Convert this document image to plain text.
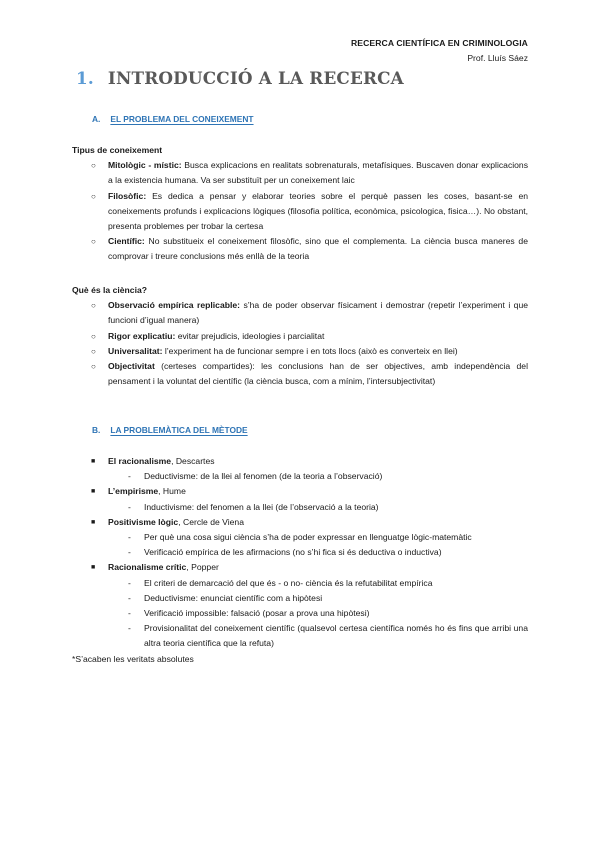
RECERCA CIENTÍFICA EN CRIMINOLOGIA
Prof. Lluís Sáez
1. INTRODUCCIÓ A LA RECERCA
A. EL PROBLEMA DEL CONEIXEMENT
Tipus de coneixement
○ Mitològic - místic: Busca explicacions en realitats sobrenaturals, metafísiques. Buscaven donar explicacions a la existencia humana. Va ser substituït per un coneixement laic
○ Filosòfic: Es dedica a pensar y elaborar teories sobre el perquè passen les coses, basant-se en coneixements profunds i explicacions lògiques (filosofia política, econòmica, psicologica, fisica…). No obstant, presenta problemes per trobar la certesa
○ Científic: No substitueix el coneixement filosòfic, sino que el complementa. La ciència busca maneres de comprovar i treure conclusions més enllà de la teoria
Què és la ciència?
○ Observació empírica replicable: s’ha de poder observar físicament i demostrar (repetir l’experiment i que funcioni d’igual manera)
○ Rigor explicatiu: evitar prejudicis, ideologies i parcialitat
○ Universalitat: l’experiment ha de funcionar sempre i en tots llocs (això es converteix en llei)
○ Objectivitat (certeses compartides): les conclusions han de ser objectives, amb independència del pensament i la voluntat del científic (la ciència busca, com a mínim, l’intersubjectivitat)
B. LA PROBLEMÀTICA DEL MÈTODE
■ El racionalisme, Descartes
- Deductivisme: de la llei al fenomen (de la teoria a l’observació)
■ L’empirisme, Hume
- Inductivisme: del fenomen a la llei (de l’observació a la teoria)
■ Positivisme lògic, Cercle de Viena
- Per què una cosa sigui ciència s’ha de poder expressar en llenguatge lògic-matemàtic
- Verificació empírica de les afirmacions (no s’hi fica si és deductiva o inductiva)
■ Racionalisme crític, Popper
- El criteri de demarcació del que és - o no- ciència és la refutabilitat empírica
- Deductivisme: enunciat científic com a hipòtesi
- Verificació impossible: falsació (posar a prova una hipòtesi)
- Provisionalitat del coneixement científic (qualsevol certesa científica només ho és fins que arribi una altra teoria científica que la refuta)
*S’acaben les veritats absolutes
